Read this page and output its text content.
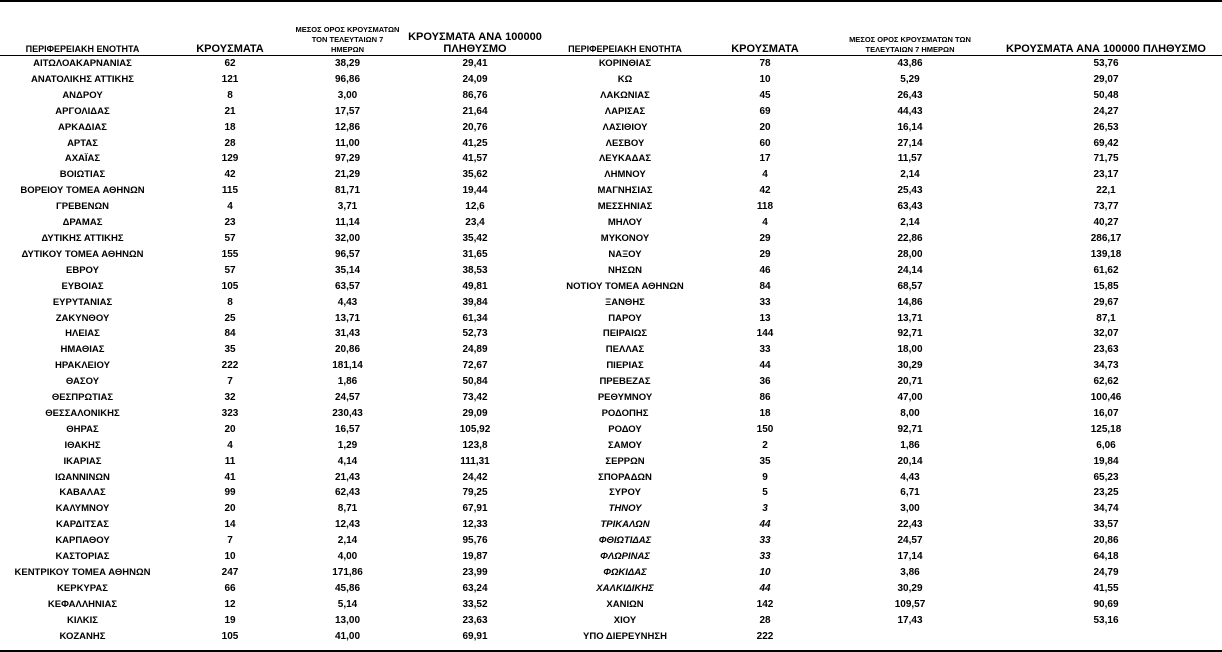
ΠΕΡΙΦΕΡΕΙΑΚΗ ΕΝΟΤΗΤΑ	ΚΡΟΥΣΜΑΤΑ	ΜΕΣΟΣ ΟΡΟΣ ΚΡΟΥΣΜΑΤΩΝ ΤΟΝ ΤΕΛΕΥΤΑΙΩΝ 7 ΗΜΕΡΩΝ	ΚΡΟΥΣΜΑΤΑ ΑΝΑ 100000 ΠΛΗΘΥΣΜΟ	ΠΕΡΙΦΕΡΕΙΑΚΗ ΕΝΟΤΗΤΑ	ΚΡΟΥΣΜΑΤΑ	ΜΕΣΟΣ ΟΡΟΣ ΚΡΟΥΣΜΑΤΩΝ ΤΩΝ ΤΕΛΕΥΤΑΙΩΝ 7 ΗΜΕΡΩΝ	ΚΡΟΥΣΜΑΤΑ ΑΝΑ 100000 ΠΛΗΘΥΣΜΟ
ΑΙΤΩΛΟΑΚΑΡΝΑΝΙΑΣ	62	38,29	29,41	ΚΟΡΙΝΘΙΑΣ	78	43,86	53,76
ΑΝΑΤΟΛΙΚΗΣ ΑΤΤΙΚΗΣ	121	96,86	24,09	ΚΩ	10	5,29	29,07
ΑΝΔΡΟΥ	8	3,00	86,76	ΛΑΚΩΝΙΑΣ	45	26,43	50,48
ΑΡΓΟΛΙΔΑΣ	21	17,57	21,64	ΛΑΡΙΣΑΣ	69	44,43	24,27
ΑΡΚΑΔΙΑΣ	18	12,86	20,76	ΛΑΣΙΘΙΟΥ	20	16,14	26,53
ΑΡΤΑΣ	28	11,00	41,25	ΛΕΣΒΟΥ	60	27,14	69,42
ΑΧΑΪΑΣ	129	97,29	41,57	ΛΕΥΚΑΔΑΣ	17	11,57	71,75
ΒΟΙΩΤΙΑΣ	42	21,29	35,62	ΛΗΜΝΟΥ	4	2,14	23,17
ΒΟΡΕΙΟΥ ΤΟΜΕΑ ΑΘΗΝΩΝ	115	81,71	19,44	ΜΑΓΝΗΣΙΑΣ	42	25,43	22,1
ΓΡΕΒΕΝΩΝ	4	3,71	12,6	ΜΕΣΣΗΝΙΑΣ	118	63,43	73,77
ΔΡΑΜΑΣ	23	11,14	23,4	ΜΗΛΟΥ	4	2,14	40,27
ΔΥΤΙΚΗΣ ΑΤΤΙΚΗΣ	57	32,00	35,42	ΜΥΚΟΝΟΥ	29	22,86	286,17
ΔΥΤΙΚΟΥ ΤΟΜΕΑ ΑΘΗΝΩΝ	155	96,57	31,65	ΝΑΞΟΥ	29	28,00	139,18
ΕΒΡΟΥ	57	35,14	38,53	ΝΗΣΩΝ	46	24,14	61,62
ΕΥΒΟΙΑΣ	105	63,57	49,81	ΝΟΤΙΟΥ ΤΟΜΕΑ ΑΘΗΝΩΝ	84	68,57	15,85
ΕΥΡΥΤΑΝΙΑΣ	8	4,43	39,84	ΞΑΝΘΗΣ	33	14,86	29,67
ΖΑΚΥΝΘΟΥ	25	13,71	61,34	ΠΑΡΟΥ	13	13,71	87,1
ΗΛΕΙΑΣ	84	31,43	52,73	ΠΕΙΡΑΙΩΣ	144	92,71	32,07
ΗΜΑΘΙΑΣ	35	20,86	24,89	ΠΕΛΛΑΣ	33	18,00	23,63
ΗΡΑΚΛΕΙΟΥ	222	181,14	72,67	ΠΙΕΡΙΑΣ	44	30,29	34,73
ΘΑΣΟΥ	7	1,86	50,84	ΠΡΕΒΕΖΑΣ	36	20,71	62,62
ΘΕΣΠΡΩΤΙΑΣ	32	24,57	73,42	ΡΕΘΥΜΝΟΥ	86	47,00	100,46
ΘΕΣΣΑΛΟΝΙΚΗΣ	323	230,43	29,09	ΡΟΔΟΠΗΣ	18	8,00	16,07
ΘΗΡΑΣ	20	16,57	105,92	ΡΟΔΟΥ	150	92,71	125,18
ΙΘΑΚΗΣ	4	1,29	123,8	ΣΑΜΟΥ	2	1,86	6,06
ΙΚΑΡΙΑΣ	11	4,14	111,31	ΣΕΡΡΩΝ	35	20,14	19,84
ΙΩΑΝΝΙΝΩΝ	41	21,43	24,42	ΣΠΟΡΑΔΩΝ	9	4,43	65,23
ΚΑΒΑΛΑΣ	99	62,43	79,25	ΣΥΡΟΥ	5	6,71	23,25
ΚΑΛΥΜΝΟΥ	20	8,71	67,91	ΤΗΝΟΥ	3	3,00	34,74
ΚΑΡΔΙΤΣΑΣ	14	12,43	12,33	ΤΡΙΚΑΛΩΝ	44	22,43	33,57
ΚΑΡΠΑΘΟΥ	7	2,14	95,76	ΦΘΙΩΤΙΔΑΣ	33	24,57	20,86
ΚΑΣΤΟΡΙΑΣ	10	4,00	19,87	ΦΛΩΡΙΝΑΣ	33	17,14	64,18
ΚΕΝΤΡΙΚΟΥ ΤΟΜΕΑ ΑΘΗΝΩΝ	247	171,86	23,99	ΦΩΚΙΔΑΣ	10	3,86	24,79
ΚΕΡΚΥΡΑΣ	66	45,86	63,24	ΧΑΛΚΙΔΙΚΗΣ	44	30,29	41,55
ΚΕΦΑΛΛΗΝΙΑΣ	12	5,14	33,52	ΧΑΝΙΩΝ	142	109,57	90,69
ΚΙΛΚΙΣ	19	13,00	23,63	ΧΙΟΥ	28	17,43	53,16
ΚΟΖΑΝΗΣ	105	41,00	69,91	ΥΠΟ ΔΙΕΡΕΥΝΗΣΗ	222		
